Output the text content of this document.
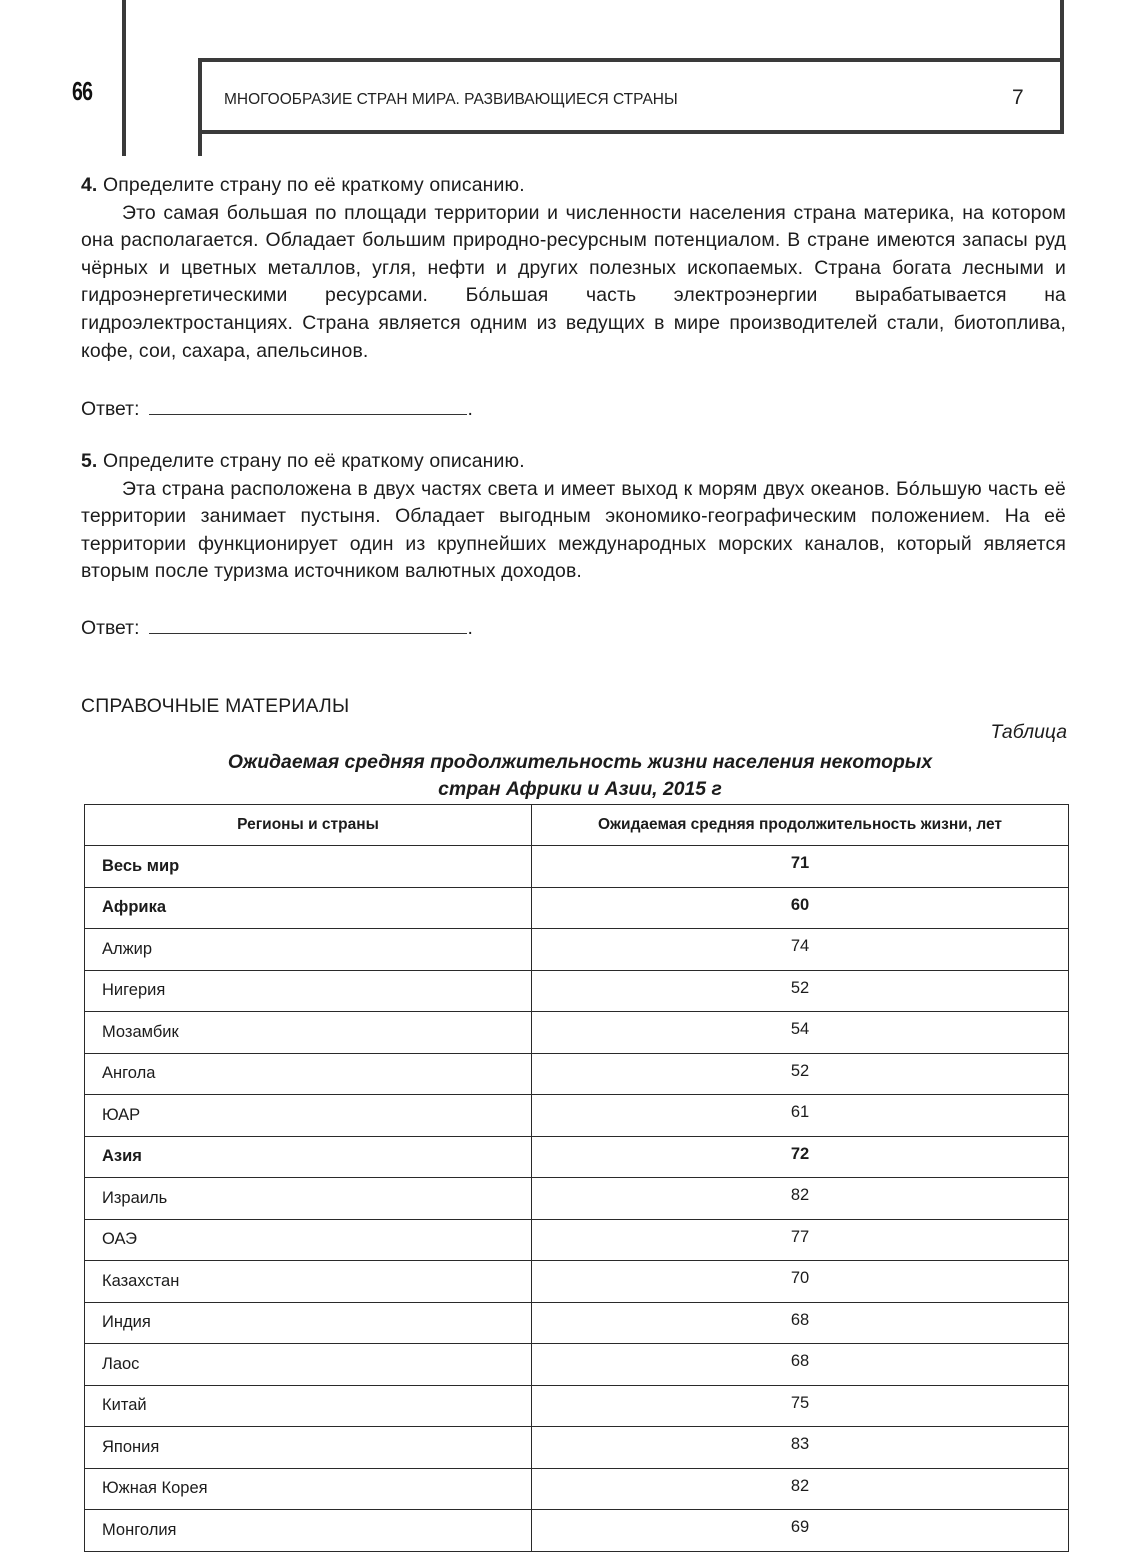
66	МНОГООБРАЗИЕ СТРАН МИРА. РАЗВИВАЮЩИЕСЯ СТРАНЫ	7
4. Определите страну по её краткому описанию.
Это самая большая по площади территории и численности населения страна материка, на котором она располагается. Обладает большим природно-ресурсным потенциалом. В стране имеются запасы руд чёрных и цветных металлов, угля, нефти и других полезных ископаемых. Страна богата лесными и гидроэнергетическими ресурсами. Бóльшая часть электроэнергии вырабатывается на гидроэлектростанциях. Страна является одним из ведущих в мире производителей стали, биотоплива, кофе, сои, сахара, апельсинов.
Ответ:	.
5. Определите страну по её краткому описанию.
Эта страна расположена в двух частях света и имеет выход к морям двух океанов. Бóльшую часть её территории занимает пустыня. Обладает выгодным экономико-географическим положением. На её территории функционирует один из крупнейших международных морских каналов, который является вторым после туризма источником валютных доходов.
Ответ:	.
СПРАВОЧНЫЕ МАТЕРИАЛЫ
Таблица
Ожидаемая средняя продолжительность жизни населения некоторых
стран Африки и Азии, 2015 г
Регионы и страны	Ожидаемая средняя продолжительность жизни, лет
Весь мир	71
Африка	60
Алжир	74
Нигерия	52
Мозамбик	54
Ангола	52
ЮАР	61
Азия	72
Израиль	82
ОАЭ	77
Казахстан	70
Индия	68
Лаос	68
Китай	75
Япония	83
Южная Корея	82
Монголия	69
